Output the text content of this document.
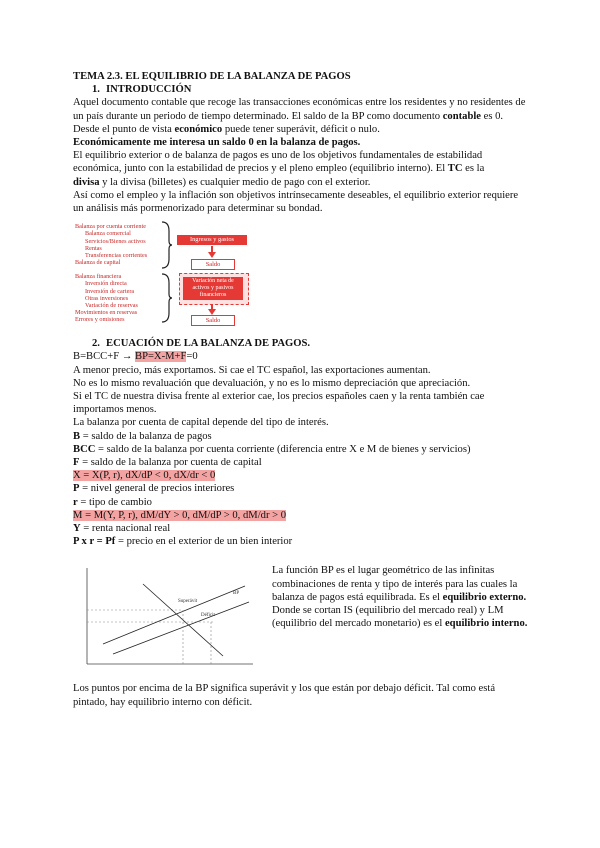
TEMA 2.3. EL EQUILIBRIO DE LA BALANZA DE PAGOS

1. INTRODUCCIÓN

Aquel documento contable que recoge las transacciones económicas entre los residentes y no residentes de un país durante un periodo de tiempo determinado. El saldo de la BP como documento contable es 0. Desde el punto de vista económico puede tener superávit, déficit o nulo.

Económicamente me interesa un saldo 0 en la balanza de pagos.

El equilibrio exterior o de balanza de pagos es uno de los objetivos fundamentales de estabilidad económica, junto con la estabilidad de precios y el pleno empleo (equilibrio interno). El TC es la
divisa y la divisa (billetes) es cualquier medio de pago con el exterior.

Así como el empleo y la inflación son objetivos intrínsecamente deseables, el equilibrio exterior requiere un análisis más pormenorizado para determinar su bondad.

Balanza por cuenta corriente
Balanza comercial
Servicios/Bienes activos
Rentas
Transferencias corrientes
Balanza de capital
Ingresos y gastos
Saldo
Balanza financiera
Inversión directa
Inversión de cartera
Otras inversiones
Variación de reservas
Movimientos en reservas
Errores y omisiones
Variación neta de activos y pasivos financieros
Saldo

2. ECUACIÓN DE LA BALANZA DE PAGOS.

B=BCC+F → BP=X-M+F=0

A menor precio, más exportamos. Si cae el TC español, las exportaciones aumentan.

No es lo mismo revaluación que devaluación, y no es lo mismo depreciación que apreciación.

Si el TC de nuestra divisa frente al exterior cae, los precios españoles caen y la renta también cae importamos menos.

La balanza por cuenta de capital depende del tipo de interés.

B = saldo de la balanza de pagos

BCC = saldo de la balanza por cuenta corriente (diferencia entre X e M de bienes y servicios)

F = saldo de la balanza por cuenta de capital

X = X(P, r), dX/dP < 0, dX/dr < 0

P = nivel general de precios interiores

r = tipo de cambio

M = M(Y, P, r), dM/dY > 0, dM/dP > 0, dM/dr > 0

Y = renta nacional real

P x r = Pf = precio en el exterior de un bien interior

Superávit
BP
Déficit

La función BP es el lugar geométrico de las infinitas combinaciones de renta y tipo de interés para las cuales la balanza de pagos está equilibrada. Es el equilibrio externo.

Donde se cortan IS (equilibrio del mercado real) y LM (equilibrio del mercado monetario) es el equilibrio interno.

Los puntos por encima de la BP significa superávit y los que están por debajo déficit. Tal como está pintado, hay equilibrio interno con déficit.
